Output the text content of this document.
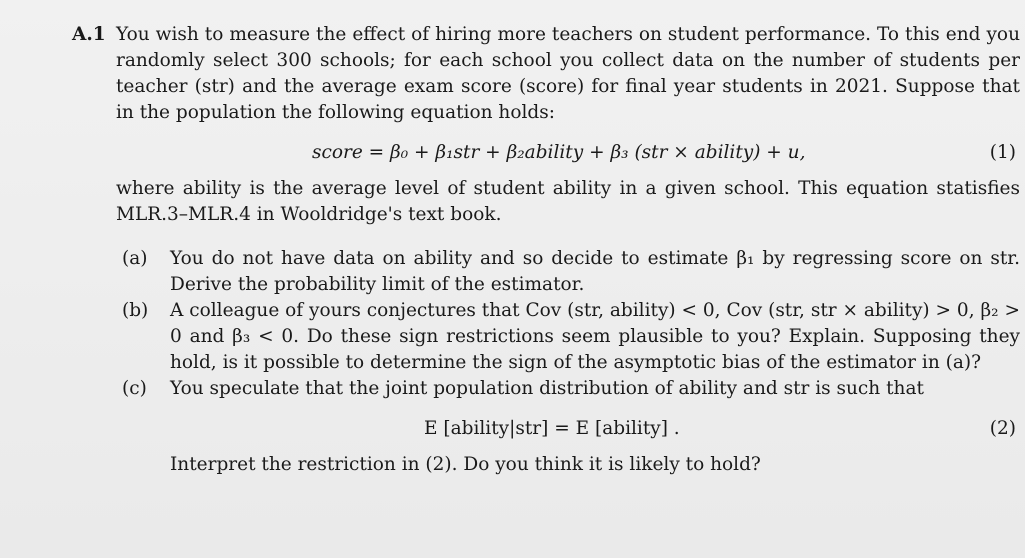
A.1 You wish to measure the effect of hiring more teachers on student performance. To this end you randomly select 300 schools; for each school you collect data on the number of students per teacher (str) and the average exam score (score) for final year students in 2021. Suppose that in the population the following equation holds:
score = β₀ + β₁str + β₂ability + β₃ (str × ability) + u,	(1)
where ability is the average level of student ability in a given school. This equation statisfies MLR.3–MLR.4 in Wooldridge's text book.
(a) You do not have data on ability and so decide to estimate β₁ by regressing score on str. Derive the probability limit of the estimator.
(b) A colleague of yours conjectures that Cov (str, ability) < 0, Cov (str, str × ability) > 0, β₂ > 0 and β₃ < 0. Do these sign restrictions seem plausible to you? Explain. Supposing they hold, is it possible to determine the sign of the asymptotic bias of the estimator in (a)?
(c) You speculate that the joint population distribution of ability and str is such that
E [ability|str] = E [ability] .	(2)
Interpret the restriction in (2). Do you think it is likely to hold?
